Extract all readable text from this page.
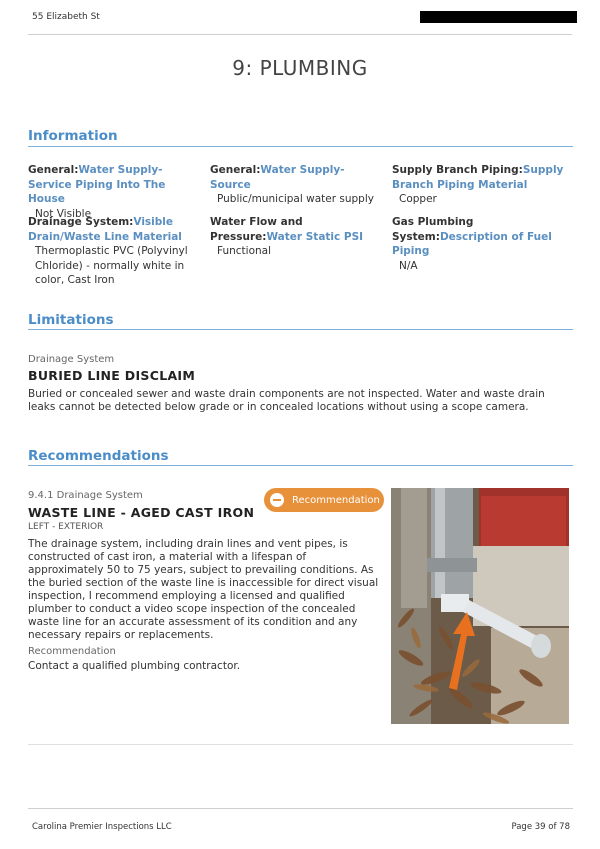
55 Elizabeth St
9: PLUMBING
Information
General:Water Supply- Service Piping Into The House
Not Visible
General:Water Supply- Source
Public/municipal water supply
Supply Branch Piping:Supply Branch Piping Material
Copper
Drainage System:Visible Drain/Waste Line Material
Thermoplastic PVC (Polyvinyl Chloride) - normally white in color, Cast Iron
Water Flow and Pressure:Water Static PSI
Functional
Gas Plumbing System:Description of Fuel Piping
N/A
Limitations
Drainage System
BURIED LINE DISCLAIM
Buried or concealed sewer and waste drain components are not inspected. Water and waste drain leaks cannot be detected below grade or in concealed locations without using a scope camera.
Recommendations
9.4.1 Drainage System
WASTE LINE - AGED CAST IRON
LEFT - EXTERIOR
Recommendation
The drainage system, including drain lines and vent pipes, is constructed of cast iron, a material with a lifespan of approximately 50 to 75 years, subject to prevailing conditions. As the buried section of the waste line is inaccessible for direct visual inspection, I recommend employing a licensed and qualified plumber to conduct a video scope inspection of the concealed waste line for an accurate assessment of its condition and any necessary repairs or replacements.
Recommendation
Contact a qualified plumbing contractor.
Carolina Premier Inspections LLC	Page 39 of 78
